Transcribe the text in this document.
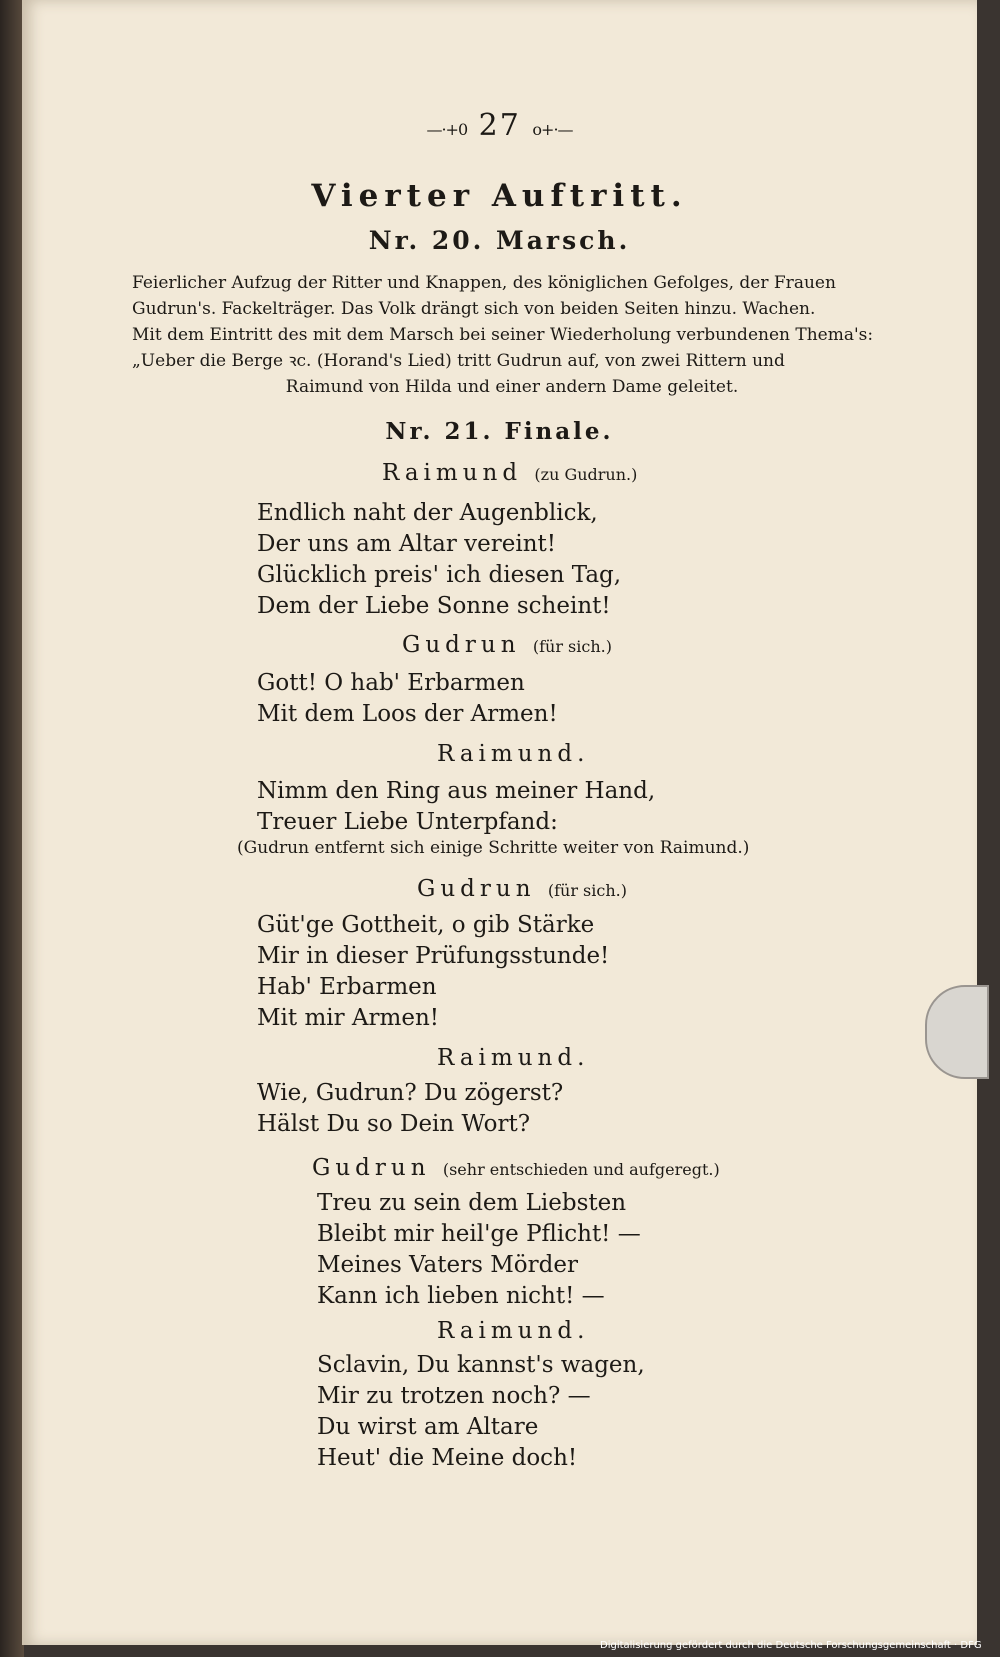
—·+0 27 o+·—
Vierter Auftritt.
Nr. 20. Marsch.
Feierlicher Aufzug der Ritter und Knappen, des königlichen Gefolges, der Frauen
Gudrun's. Fackelträger. Das Volk drängt sich von beiden Seiten hinzu. Wachen.
Mit dem Eintritt des mit dem Marsch bei seiner Wiederholung verbundenen Thema's:
„Ueber die Berge ꝛc. (Horand's Lied) tritt Gudrun auf, von zwei Rittern und
Raimund von Hilda und einer andern Dame geleitet.
Nr. 21. Finale.
Raimund (zu Gudrun.)
Endlich naht der Augenblick,
Der uns am Altar vereint!
Glücklich preis' ich diesen Tag,
Dem der Liebe Sonne scheint!
Gudrun (für sich.)
Gott! O hab' Erbarmen
Mit dem Loos der Armen!
Raimund.
Nimm den Ring aus meiner Hand,
Treuer Liebe Unterpfand:
(Gudrun entfernt sich einige Schritte weiter von Raimund.)
Gudrun (für sich.)
Güt'ge Gottheit, o gib Stärke
Mir in dieser Prüfungsstunde!
Hab' Erbarmen
Mit mir Armen!
Raimund.
Wie, Gudrun? Du zögerst?
Hälst Du so Dein Wort?
Gudrun (sehr entschieden und aufgeregt.)
Treu zu sein dem Liebsten
Bleibt mir heil'ge Pflicht! —
Meines Vaters Mörder
Kann ich lieben nicht! —
Raimund.
Sclavin, Du kannst's wagen,
Mir zu trotzen noch? —
Du wirst am Altare
Heut' die Meine doch!
Digitalisierung gefördert durch die Deutsche Forschungsgemeinschaft · DFG
